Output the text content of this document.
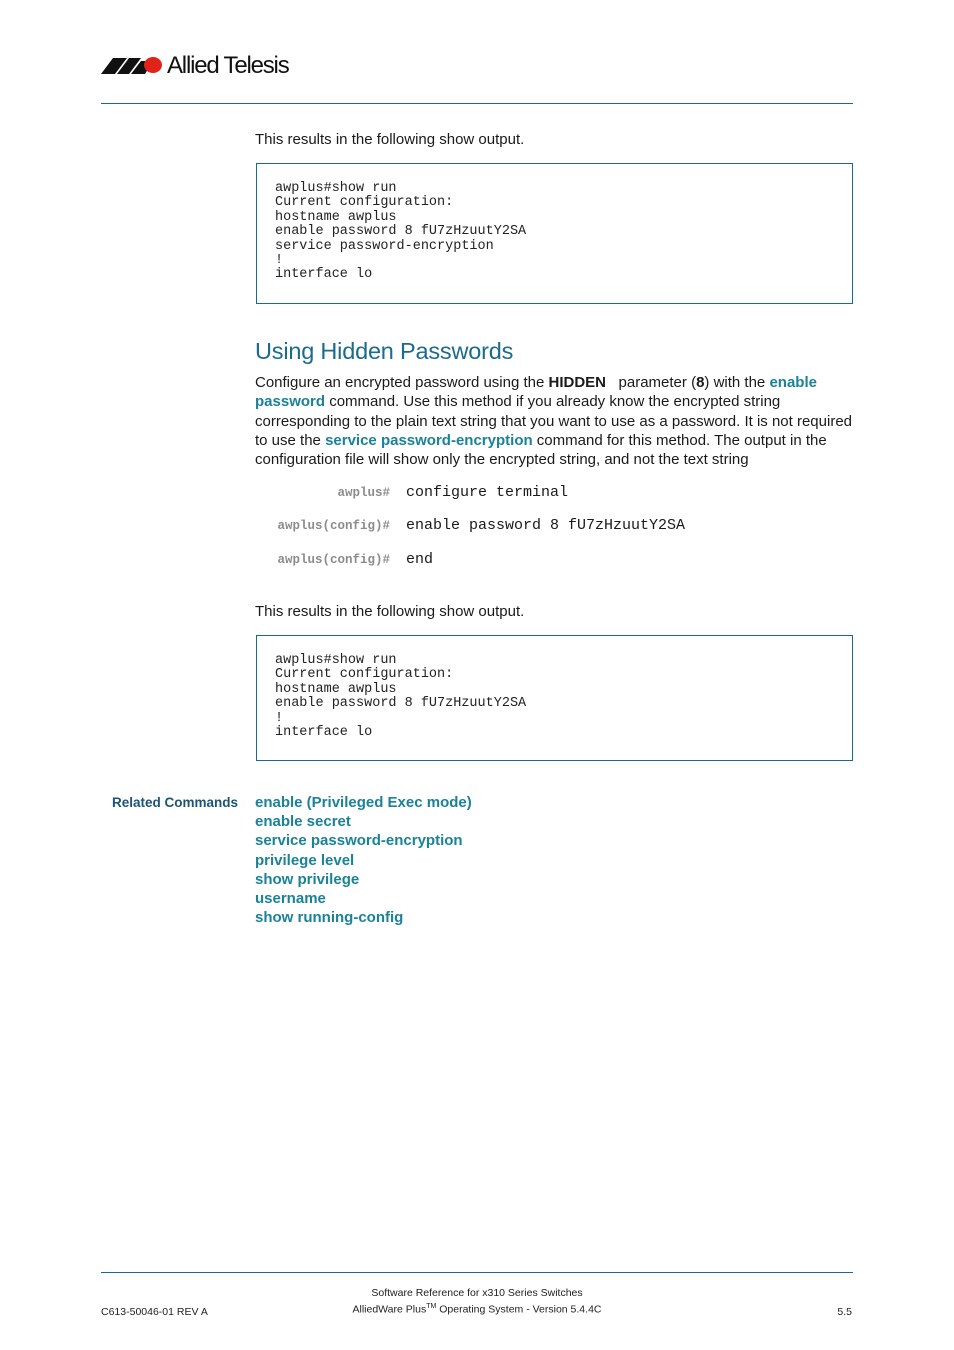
Allied Telesis
This results in the following show output.
awplus#show run
Current configuration:
hostname awplus
enable password 8 fU7zHzuutY2SA
service password-encryption
!
interface lo
Using Hidden Passwords
Configure an encrypted password using the HIDDEN   parameter (8) with the enable password command. Use this method if you already know the encrypted string corresponding to the plain text string that you want to use as a password. It is not required to use the service password-encryption command for this method. The output in the configuration file will show only the encrypted string, and not the text string
awplus# configure terminal
awplus(config)# enable password 8 fU7zHzuutY2SA
awplus(config)# end
This results in the following show output.
awplus#show run
Current configuration:
hostname awplus
enable password 8 fU7zHzuutY2SA
!
interface lo
Related Commands enable (Privileged Exec mode)
enable secret
service password-encryption
privilege level
show privilege
username
show running-config
Software Reference for x310 Series Switches
C613-50046-01 REV A	AlliedWare Plus™ Operating System - Version 5.4.4C	5.5
